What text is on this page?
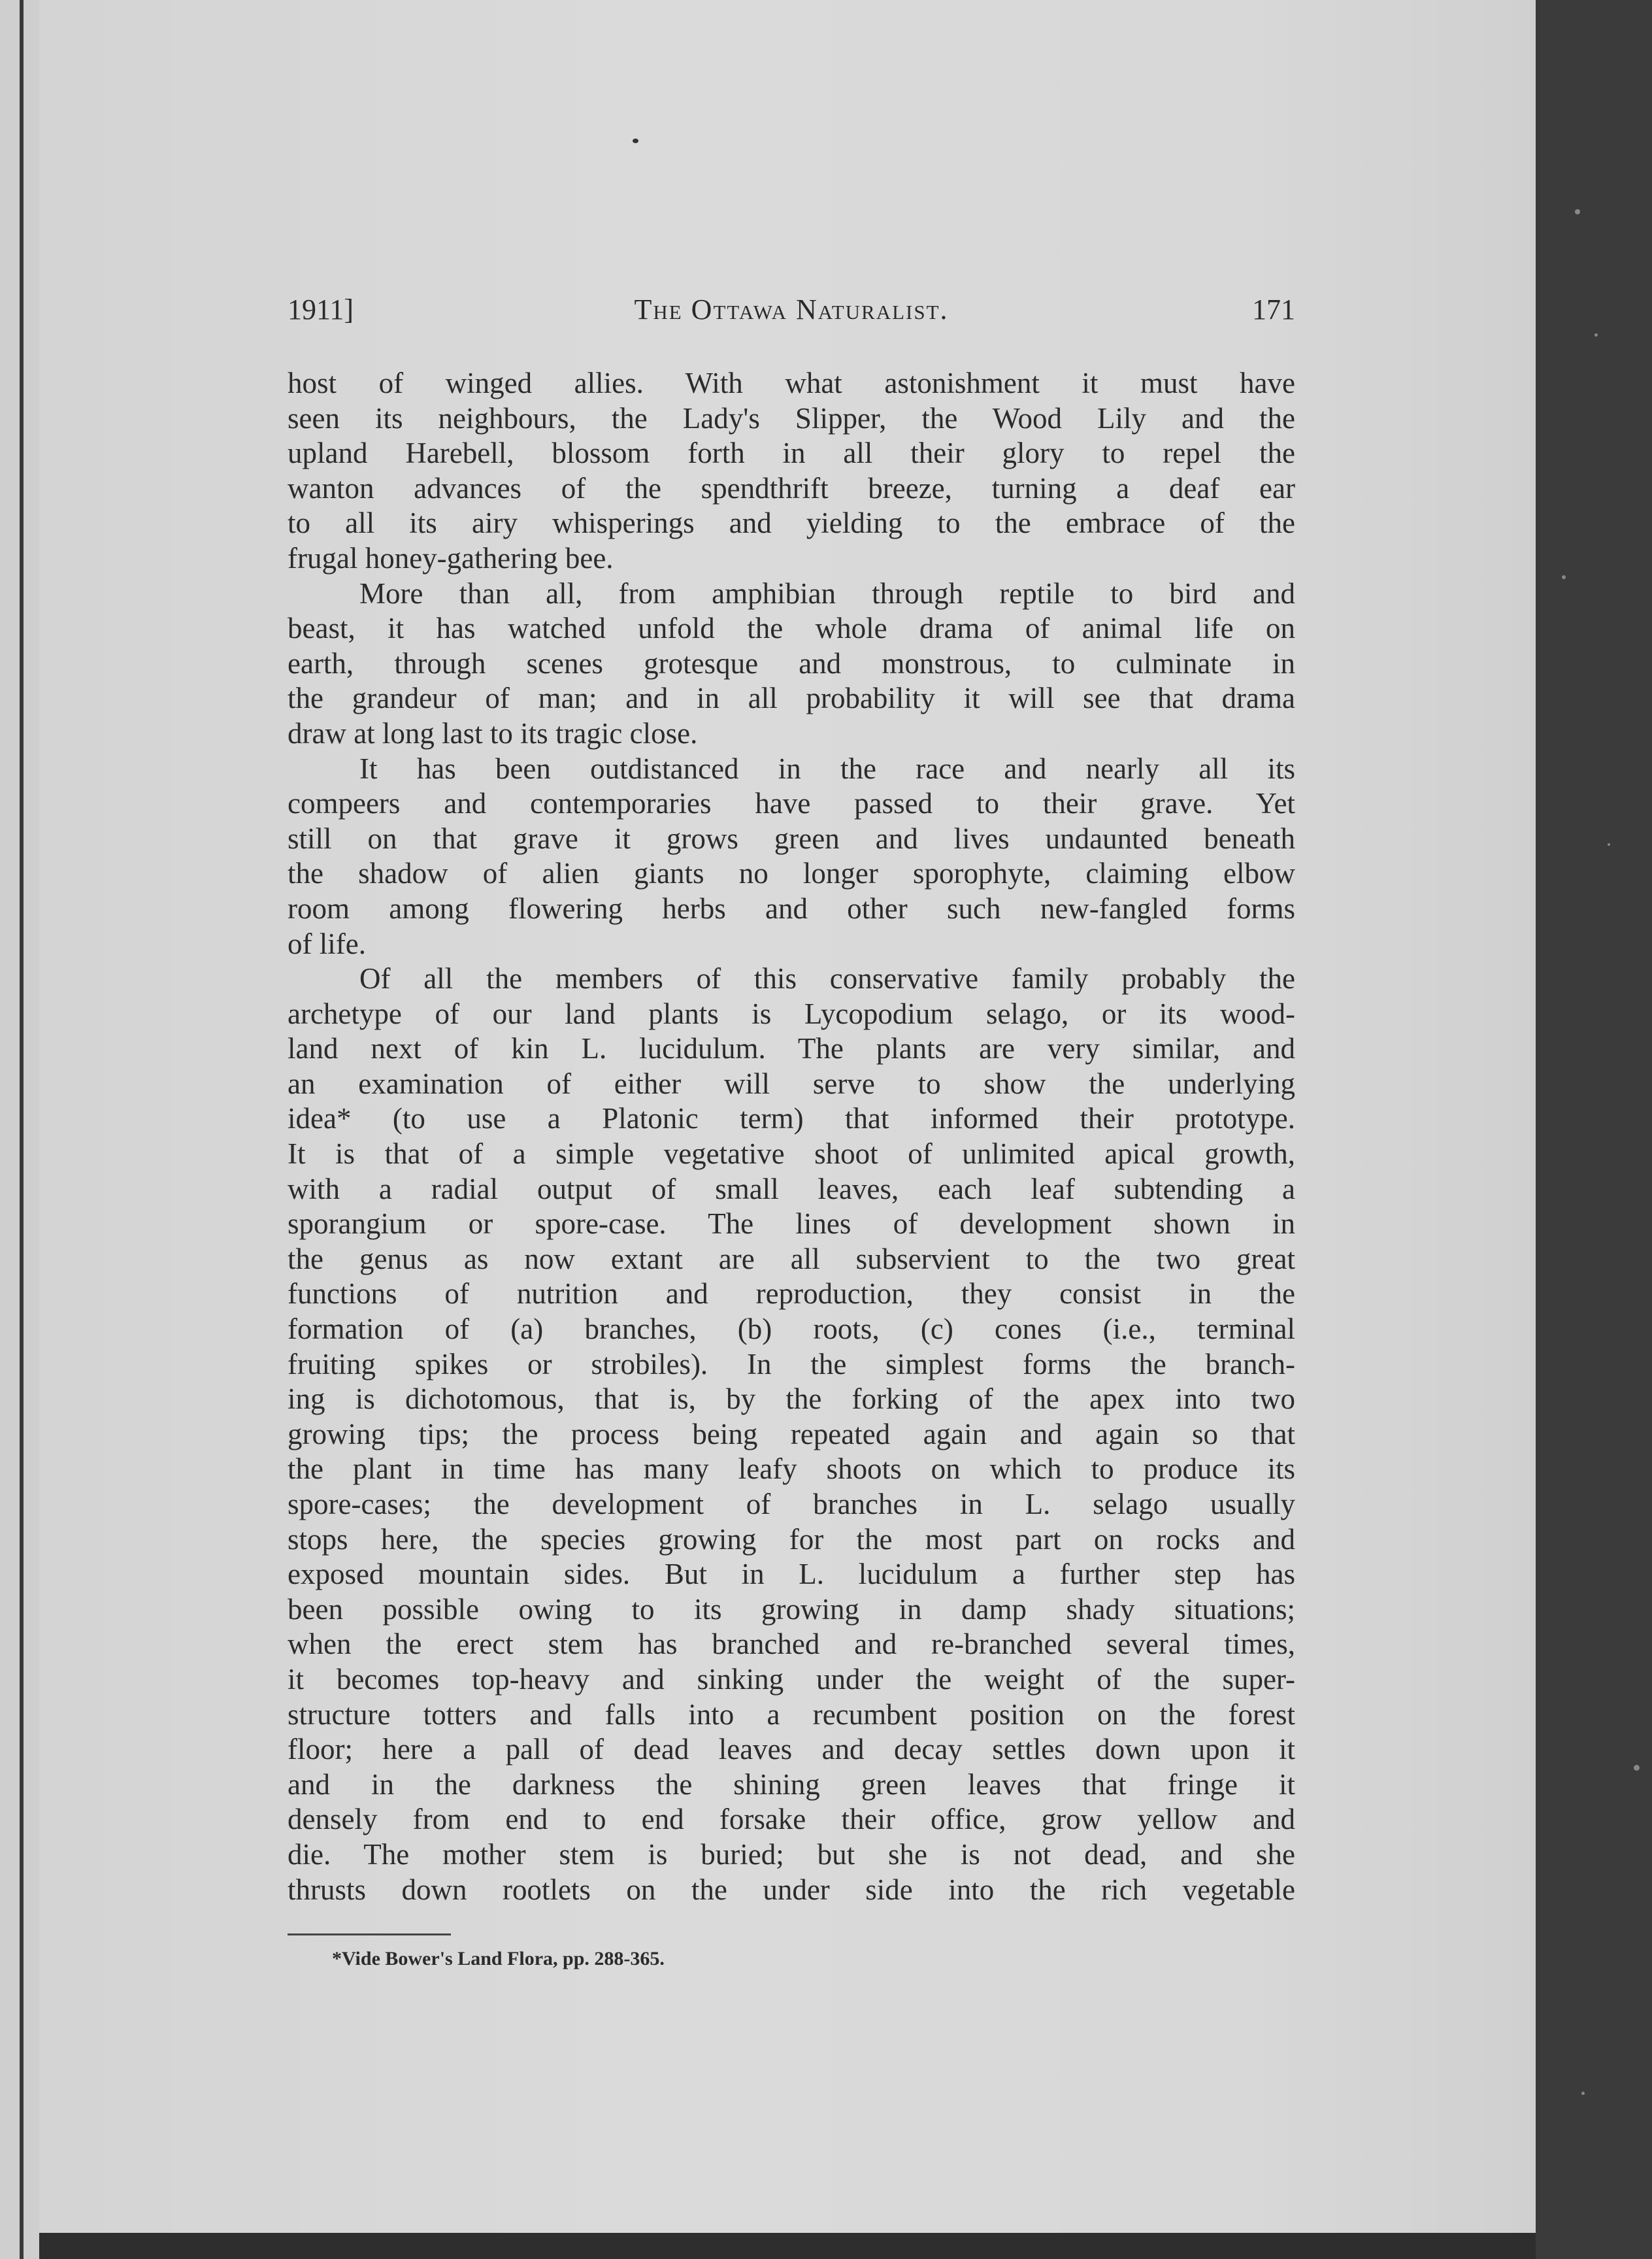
1911]	The Ottawa Naturalist.	171

host of winged allies. With what astonishment it must have

seen its neighbours, the Lady's Slipper, the Wood Lily and the

upland Harebell, blossom forth in all their glory to repel the

wanton advances of the spendthrift breeze, turning a deaf ear

to all its airy whisperings and yielding to the embrace of the

frugal honey-gathering bee.

More than all, from amphibian through reptile to bird and

beast, it has watched unfold the whole drama of animal life on

earth, through scenes grotesque and monstrous, to culminate in

the grandeur of man; and in all probability it will see that drama

draw at long last to its tragic close.

It has been outdistanced in the race and nearly all its

compeers and contemporaries have passed to their grave. Yet

still on that grave it grows green and lives undaunted beneath

the shadow of alien giants no longer sporophyte, claiming elbow

room among flowering herbs and other such new-fangled forms

of life.

Of all the members of this conservative family probably the

archetype of our land plants is Lycopodium selago, or its wood-

land next of kin L. lucidulum. The plants are very similar, and

an examination of either will serve to show the underlying

idea* (to use a Platonic term) that informed their prototype.

It is that of a simple vegetative shoot of unlimited apical growth,

with a radial output of small leaves, each leaf subtending a

sporangium or spore-case. The lines of development shown in

the genus as now extant are all subservient to the two great

functions of nutrition and reproduction, they consist in the

formation of (a) branches, (b) roots, (c) cones (i.e., terminal

fruiting spikes or strobiles). In the simplest forms the branch-

ing is dichotomous, that is, by the forking of the apex into two

growing tips; the process being repeated again and again so that

the plant in time has many leafy shoots on which to produce its

spore-cases; the development of branches in L. selago usually

stops here, the species growing for the most part on rocks and

exposed mountain sides. But in L. lucidulum a further step has

been possible owing to its growing in damp shady situations;

when the erect stem has branched and re-branched several times,

it becomes top-heavy and sinking under the weight of the super-

structure totters and falls into a recumbent position on the forest

floor; here a pall of dead leaves and decay settles down upon it

and in the darkness the shining green leaves that fringe it

densely from end to end forsake their office, grow yellow and

die. The mother stem is buried; but she is not dead, and she

thrusts down rootlets on the under side into the rich vegetable

*Vide Bower's Land Flora, pp. 288-365.
